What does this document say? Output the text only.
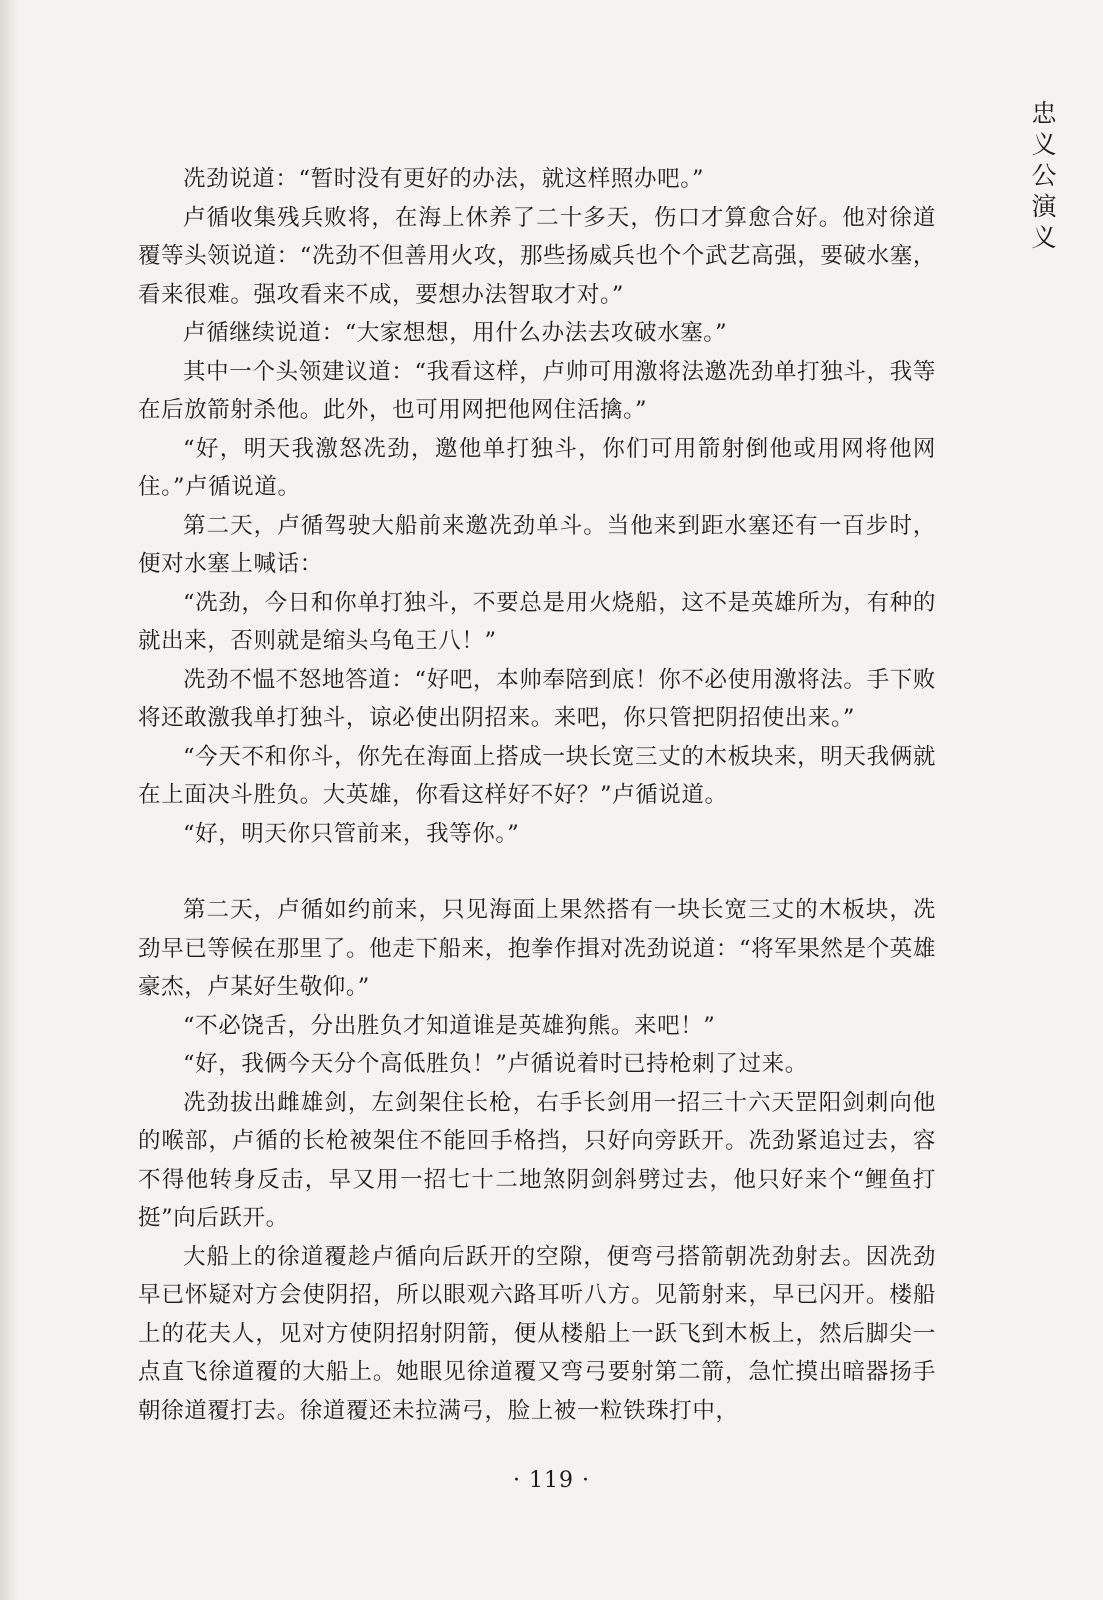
忠义公演义

冼劲说道：“暂时没有更好的办法，就这样照办吧。”

卢循收集残兵败将，在海上休养了二十多天，伤口才算愈合好。他对徐道覆等头领说道：“冼劲不但善用火攻，那些扬威兵也个个武艺高强，要破水塞，看来很难。强攻看来不成，要想办法智取才对。”

卢循继续说道：“大家想想，用什么办法去攻破水塞。”

其中一个头领建议道：“我看这样，卢帅可用激将法邀冼劲单打独斗，我等在后放箭射杀他。此外，也可用网把他网住活擒。”

“好，明天我激怒冼劲，邀他单打独斗，你们可用箭射倒他或用网将他网住。”卢循说道。

第二天，卢循驾驶大船前来邀冼劲单斗。当他来到距水塞还有一百步时，便对水塞上喊话：

“冼劲，今日和你单打独斗，不要总是用火烧船，这不是英雄所为，有种的就出来，否则就是缩头乌龟王八！”

冼劲不愠不怒地答道：“好吧，本帅奉陪到底！你不必使用激将法。手下败将还敢激我单打独斗，谅必使出阴招来。来吧，你只管把阴招使出来。”

“今天不和你斗，你先在海面上搭成一块长宽三丈的木板块来，明天我俩就在上面决斗胜负。大英雄，你看这样好不好？”卢循说道。

“好，明天你只管前来，我等你。”

第二天，卢循如约前来，只见海面上果然搭有一块长宽三丈的木板块，冼劲早已等候在那里了。他走下船来，抱拳作揖对冼劲说道：“将军果然是个英雄豪杰，卢某好生敬仰。”

“不必饶舌，分出胜负才知道谁是英雄狗熊。来吧！”

“好，我俩今天分个高低胜负！”卢循说着时已持枪刺了过来。

冼劲拔出雌雄剑，左剑架住长枪，右手长剑用一招三十六天罡阳剑刺向他的喉部，卢循的长枪被架住不能回手格挡，只好向旁跃开。冼劲紧追过去，容不得他转身反击，早又用一招七十二地煞阴剑斜劈过去，他只好来个“鲤鱼打挺”向后跃开。

大船上的徐道覆趁卢循向后跃开的空隙，便弯弓搭箭朝冼劲射去。因冼劲早已怀疑对方会使阴招，所以眼观六路耳听八方。见箭射来，早已闪开。楼船上的花夫人，见对方使阴招射阴箭，便从楼船上一跃飞到木板上，然后脚尖一点直飞徐道覆的大船上。她眼见徐道覆又弯弓要射第二箭，急忙摸出暗器扬手朝徐道覆打去。徐道覆还未拉满弓，脸上被一粒铁珠打中，

· 119 ·
